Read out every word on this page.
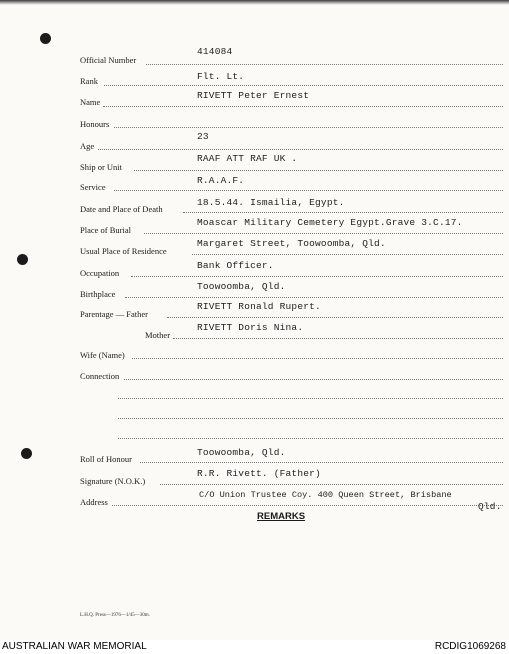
Official Number
414084
Rank	Flt. Lt.
Name
RIVETT Peter Ernest
Honours
Age
23
Ship or Unit
RAAF ATT RAF UK .
Service
R.A.A.F.
Date and Place of Death
18.5.44. Ismailia, Egypt.
Place of Burial
Moascar Military Cemetery Egypt.Grave 3.C.17.
Usual Place of Residence
Margaret Street, Toowoomba, Qld.
Occupation
Bank Officer.
Birthplace
Toowoomba, Qld.
Parentage — Father
RIVETT Ronald Rupert.
Mother
RIVETT Doris Nina.
Wife (Name)
Connection
Roll of Honour
Toowoomba, Qld.
Signature (N.O.K.)
R.R. Rivett. (Father)
Address
C/O Union Trustee Coy. 400 Queen Street, Brisbane
Qld.
REMARKS
L.H.Q. Press—1976—1/45—30m.
AUSTRALIAN WAR MEMORIAL	RCDIG1069268
